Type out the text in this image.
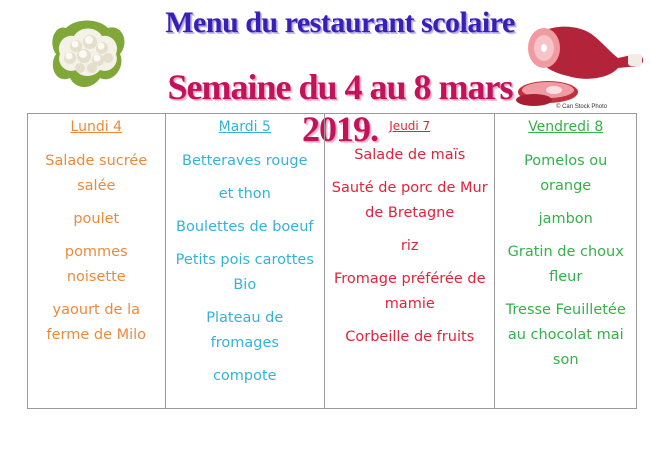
© Can Stock Photo
Menu du restaurant scolaire
Semaine du 4 au 8 mars 2019.
Lundi 4
Salade sucrée salée
poulet
pommes noisette
yaourt de la ferme de Milo
Mardi 5
Betteraves rouge
et thon
Boulettes de boeuf
Petits pois carottes Bio
Plateau de fromages
compote
Jeudi 7
Salade de maïs
Sauté de porc de Mur de Bretagne
riz
Fromage préférée de mamie
Corbeille de fruits
Vendredi 8
Pomelos ou orange
jambon
Gratin de choux fleur
Tresse Feuilletée au chocolat mai son
